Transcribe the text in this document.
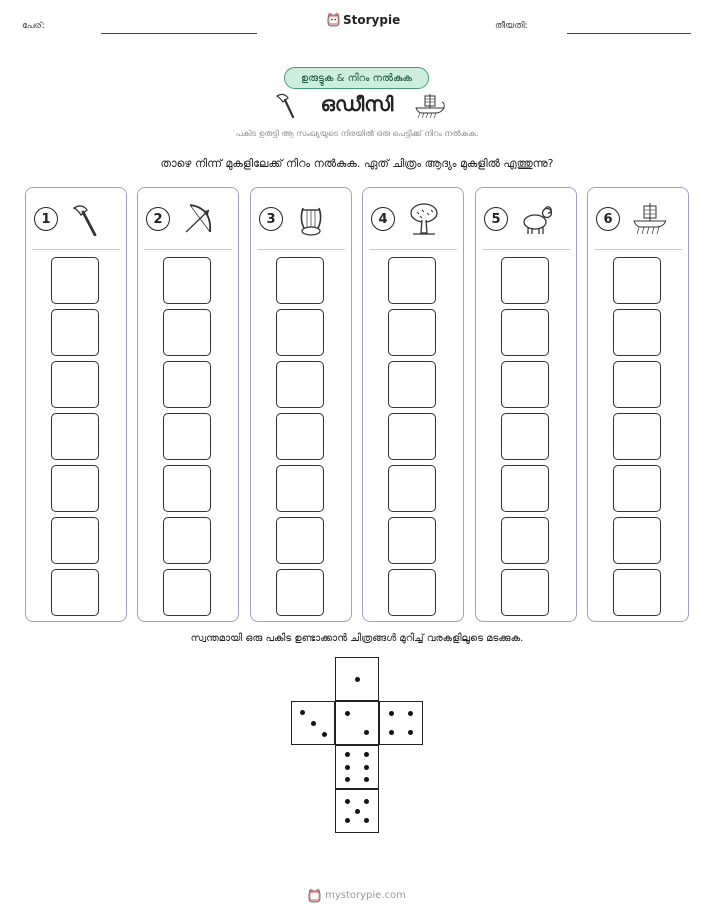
പേര്:	Storypie	തീയതി:
ഉരുട്ടുക & നിറം നൽകുക
ഒഡീസി
പകിട ഉരുട്ടി ആ സംഖ്യയുടെ നിരയിൽ ഒരു പെട്ടിക്ക് നിറം നൽകുക.
താഴെ നിന്ന് മുകളിലേക്ക് നിറം നൽകുക. ഏത് ചിത്രം ആദ്യം മുകളിൽ എത്തുന്നു?
1	2	3	4	5	6
സ്വന്തമായി ഒരു പകിട ഉണ്ടാക്കാൻ ചിത്രങ്ങൾ മുറിച്ച് വരകളിലൂടെ മടക്കുക.
mystorypie.com
